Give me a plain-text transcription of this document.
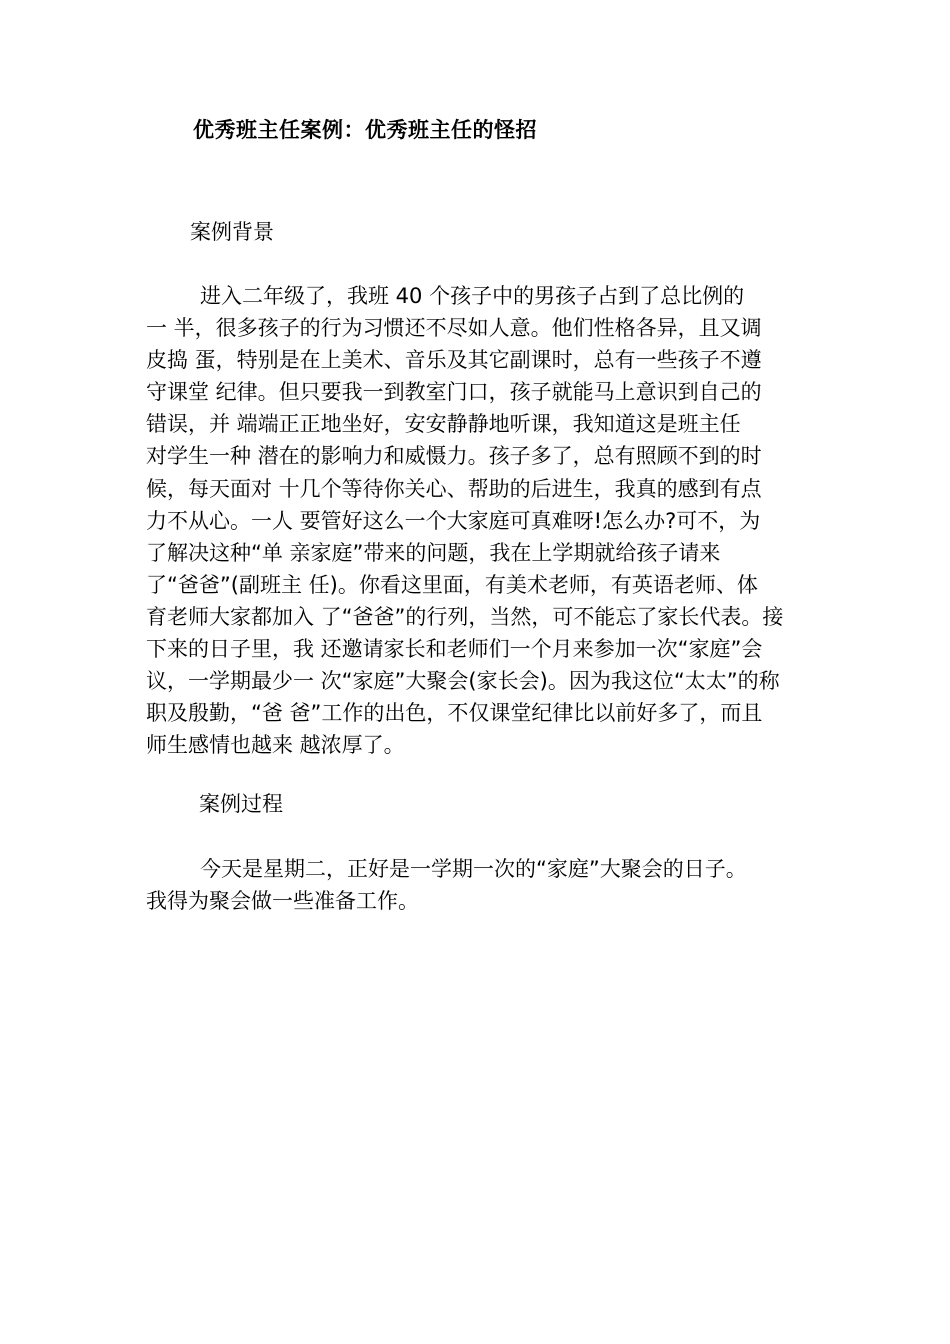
优秀班主任案例：优秀班主任的怪招
案例背景
进入二年级了，我班 40 个孩子中的男孩子占到了总比例的
一 半，很多孩子的行为习惯还不尽如人意。他们性格各异，且又调
皮捣 蛋，特别是在上美术、音乐及其它副课时，总有一些孩子不遵
守课堂 纪律。但只要我一到教室门口，孩子就能马上意识到自己的
错误，并 端端正正地坐好，安安静静地听课，我知道这是班主任
对学生一种 潜在的影响力和威慑力。孩子多了，总有照顾不到的时
候，每天面对 十几个等待你关心、帮助的后进生，我真的感到有点
力不从心。一人 要管好这么一个大家庭可真难呀!怎么办?可不，为
了解决这种“单 亲家庭”带来的问题，我在上学期就给孩子请来
了“爸爸”(副班主 任)。你看这里面，有美术老师，有英语老师、体
育老师大家都加入 了“爸爸”的行列，当然，可不能忘了家长代表。接
下来的日子里，我 还邀请家长和老师们一个月来参加一次“家庭”会
议，一学期最少一 次“家庭”大聚会(家长会)。因为我这位“太太”的称
职及殷勤，“爸 爸”工作的出色，不仅课堂纪律比以前好多了，而且
师生感情也越来 越浓厚了。
案例过程
今天是星期二，正好是一学期一次的“家庭”大聚会的日子。
我得为聚会做一些准备工作。
